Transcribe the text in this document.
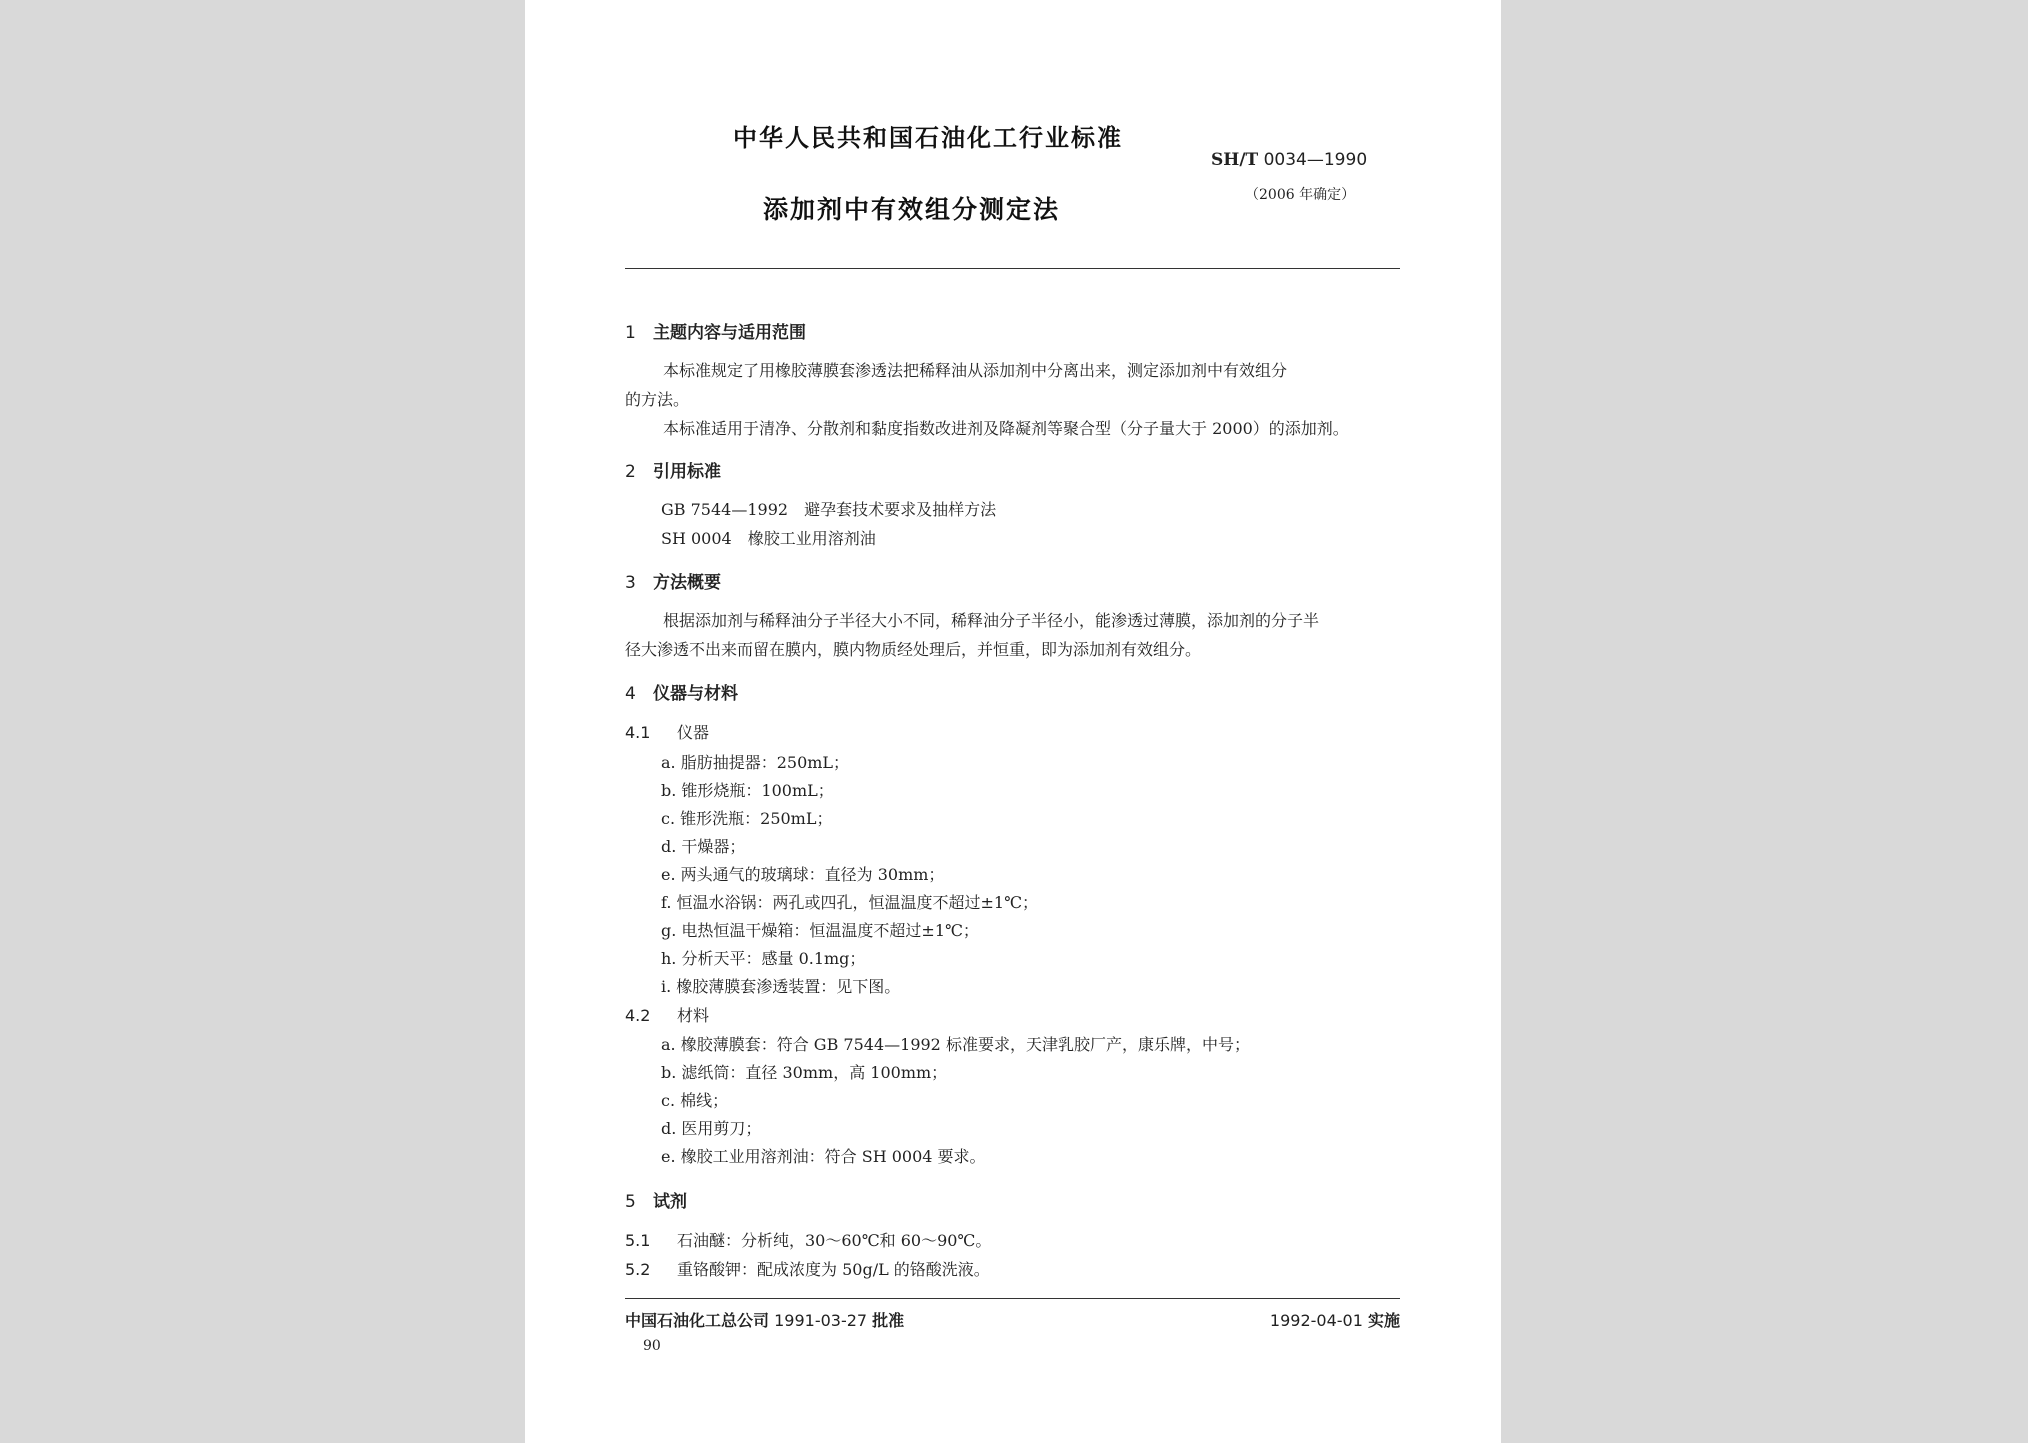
中华人民共和国石油化工行业标准
SH/T 0034—1990
添加剂中有效组分测定法	（2006 年确定）
1 主题内容与适用范围
本标准规定了用橡胶薄膜套渗透法把稀释油从添加剂中分离出来，测定添加剂中有效组分
的方法。
本标准适用于清净、分散剂和黏度指数改进剂及降凝剂等聚合型（分子量大于 2000）的添加剂。
2 引用标准
GB 7544—1992　避孕套技术要求及抽样方法
SH 0004　橡胶工业用溶剂油
3 方法概要
根据添加剂与稀释油分子半径大小不同，稀释油分子半径小，能渗透过薄膜，添加剂的分子半
径大渗透不出来而留在膜内，膜内物质经处理后，并恒重，即为添加剂有效组分。
4 仪器与材料
4.1 仪器
a. 脂肪抽提器：250mL；
b. 锥形烧瓶：100mL；
c. 锥形洗瓶：250mL；
d. 干燥器；
e. 两头通气的玻璃球：直径为 30mm；
f. 恒温水浴锅：两孔或四孔，恒温温度不超过±1℃；
g. 电热恒温干燥箱：恒温温度不超过±1℃；
h. 分析天平：感量 0.1mg；
i. 橡胶薄膜套渗透装置：见下图。
4.2 材料
a. 橡胶薄膜套：符合 GB 7544—1992 标准要求，天津乳胶厂产，康乐牌，中号；
b. 滤纸筒：直径 30mm，高 100mm；
c. 棉线；
d. 医用剪刀；
e. 橡胶工业用溶剂油：符合 SH 0004 要求。
5 试剂
5.1 石油醚：分析纯，30～60℃和 60～90℃。
5.2 重铬酸钾：配成浓度为 50g/L 的铬酸洗液。
中国石油化工总公司 1991-03-27 批准	1992-04-01 实施
90
